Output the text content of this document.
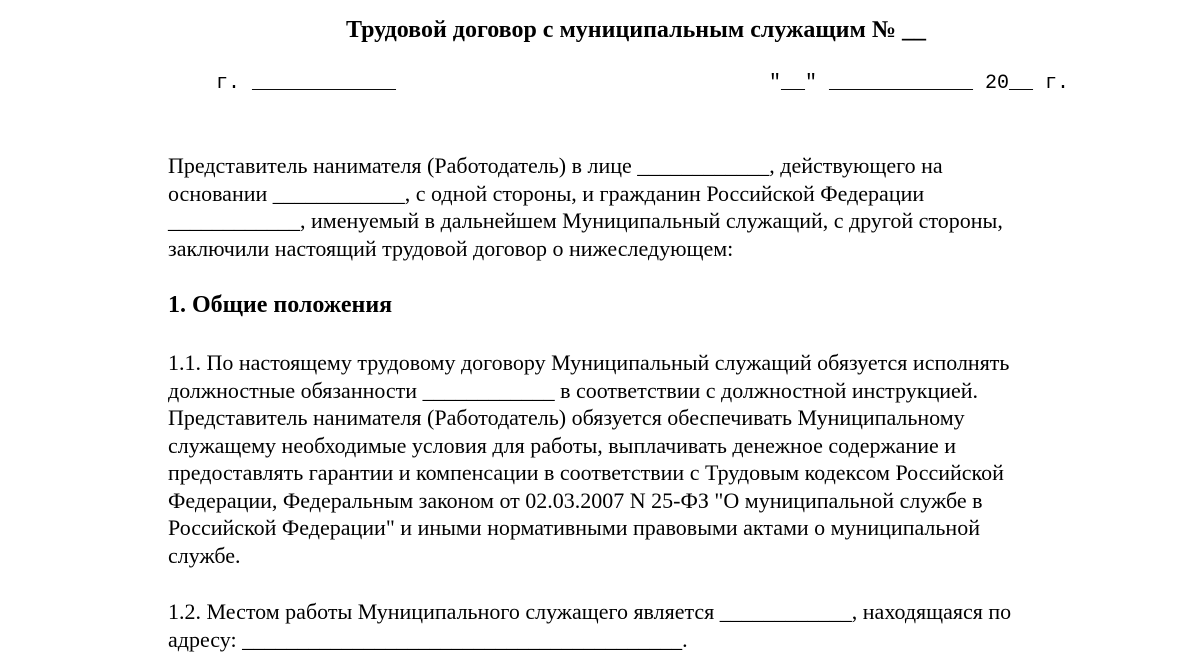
Трудовой договор с муниципальным служащим № __
г. ____________	"__" ____________ 20__ г.

Представитель нанимателя (Работодатель) в лице ____________, действующего на
основании ____________, с одной стороны, и гражданин Российской Федерации
____________, именуемый в дальнейшем Муниципальный служащий, с другой стороны,
заключили настоящий трудовой договор о нижеследующем:

1. Общие положения

1.1. По настоящему трудовому договору Муниципальный служащий обязуется исполнять
должностные обязанности ____________ в соответствии с должностной инструкцией.
Представитель нанимателя (Работодатель) обязуется обеспечивать Муниципальному
служащему необходимые условия для работы, выплачивать денежное содержание и
предоставлять гарантии и компенсации в соответствии с Трудовым кодексом Российской
Федерации, Федеральным законом от 02.03.2007 N 25-ФЗ "О муниципальной службе в
Российской Федерации" и иными нормативными правовыми актами о муниципальной
службе.

1.2. Местом работы Муниципального служащего является ____________, находящаяся по
адресу: ________________________________________.
